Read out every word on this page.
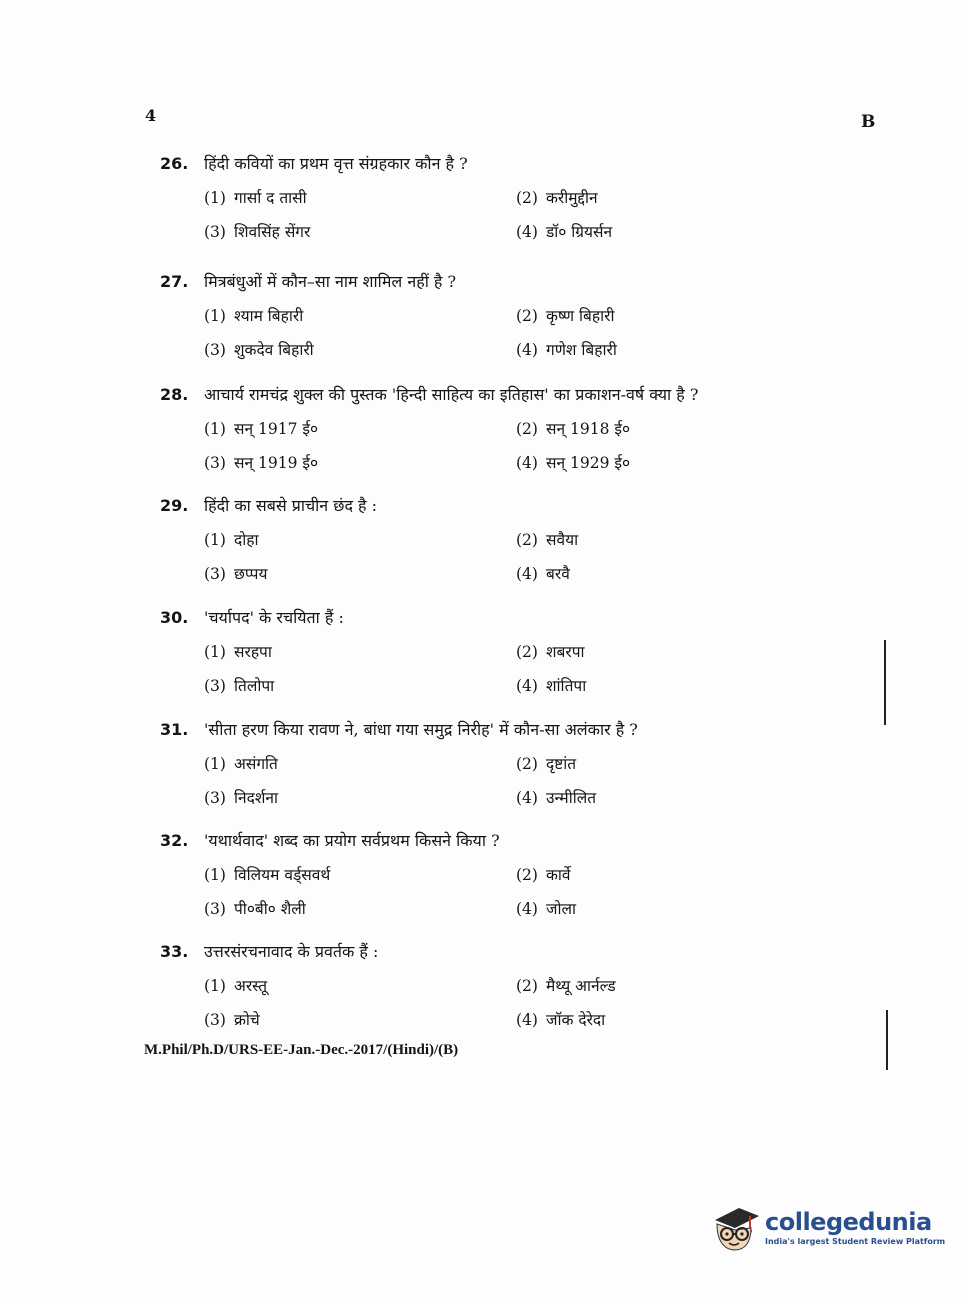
4	B
26. हिंदी कवियों का प्रथम वृत्त संग्रहकार कौन है ?
(1) गार्सा द तासी	(2) करीमुद्दीन
(3) शिवसिंह सेंगर	(4) डॉ० ग्रियर्सन
27. मित्रबंधुओं में कौन–सा नाम शामिल नहीं है ?
(1) श्याम बिहारी	(2) कृष्ण बिहारी
(3) शुकदेव बिहारी	(4) गणेश बिहारी
28. आचार्य रामचंद्र शुक्ल की पुस्तक 'हिन्दी साहित्य का इतिहास' का प्रकाशन-वर्ष क्या है ?
(1) सन् 1917 ई०	(2) सन् 1918 ई०
(3) सन् 1919 ई०	(4) सन् 1929 ई०
29. हिंदी का सबसे प्राचीन छंद है :
(1) दोहा	(2) सवैया
(3) छप्पय	(4) बरवै
30. 'चर्यापद' के रचयिता हैं :
(1) सरहपा	(2) शबरपा
(3) तिलोपा	(4) शांतिपा
31. 'सीता हरण किया रावण ने, बांधा गया समुद्र निरीह' में कौन-सा अलंकार है ?
(1) असंगति	(2) दृष्टांत
(3) निदर्शना	(4) उन्मीलित
32. 'यथार्थवाद' शब्द का प्रयोग सर्वप्रथम किसने किया ?
(1) विलियम वर्ड्सवर्थ	(2) कार्वे
(3) पी०बी० शैली	(4) जोला
33. उत्तरसंरचनावाद के प्रवर्तक हैं :
(1) अरस्तू	(2) मैथ्यू आर्नल्ड
(3) क्रोचे	(4) जॉक देरेदा
M.Phil/Ph.D/URS-EE-Jan.-Dec.-2017/(Hindi)/(B)
collegedunia
India's largest Student Review Platform
